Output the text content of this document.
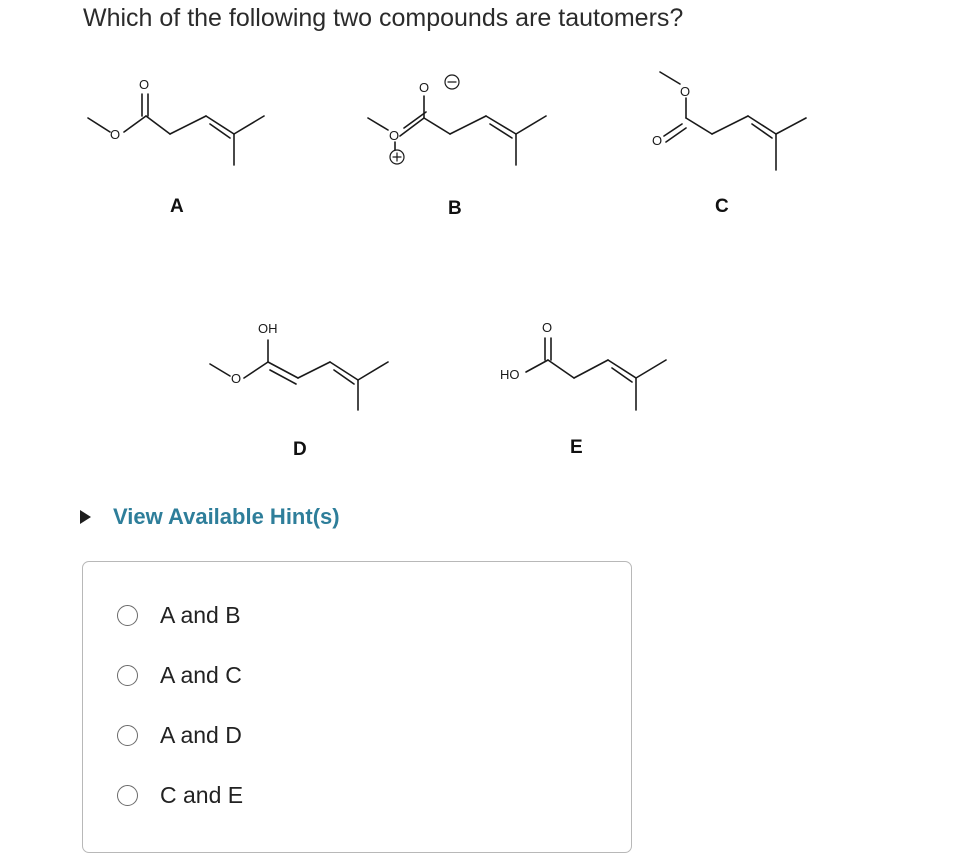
Which of the following two compounds are tautomers?
O
O
O
O
O
O
OH
O
O
HO
A	B	C
D	E
View Available Hint(s)
A and B
A and C
A and D
C and E
